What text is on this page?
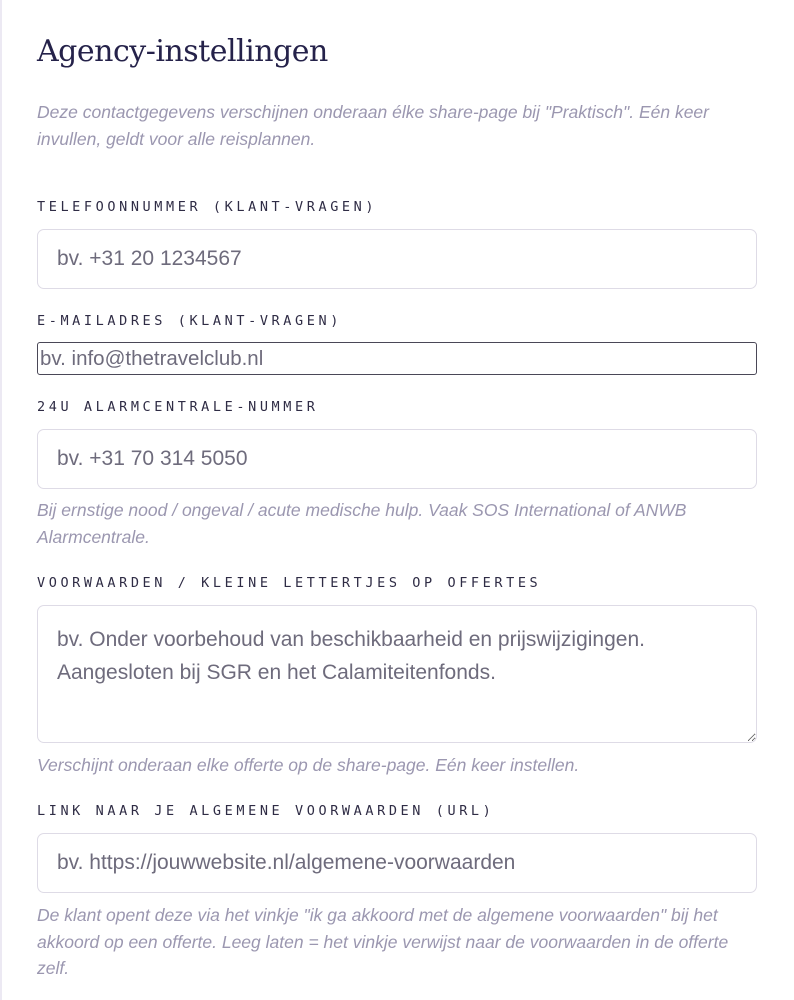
Agency-instellingen

Deze contactgegevens verschijnen onderaan élke share-page bij "Praktisch". Eén keer invullen, geldt voor alle reisplannen.

TELEFOONNUMMER (KLANT-VRAGEN)
bv. +31 20 1234567
E-MAILADRES (KLANT-VRAGEN)
bv. info@thetravelclub.nl
24U ALARMCENTRALE-NUMMER
bv. +31 70 314 5050

Bij ernstige nood / ongeval / acute medische hulp. Vaak SOS International of ANWB Alarmcentrale.

VOORWAARDEN / KLEINE LETTERTJES OP OFFERTES
bv. Onder voorbehoud van beschikbaarheid en prijswijzigingen. Aangesloten bij SGR en het Calamiteitenfonds.

Verschijnt onderaan elke offerte op de share-page. Eén keer instellen.

LINK NAAR JE ALGEMENE VOORWAARDEN (URL)
bv. https://jouwwebsite.nl/algemene-voorwaarden

De klant opent deze via het vinkje "ik ga akkoord met de algemene voorwaarden" bij het akkoord op een offerte. Leeg laten = het vinkje verwijst naar de voorwaarden in de offerte zelf.
